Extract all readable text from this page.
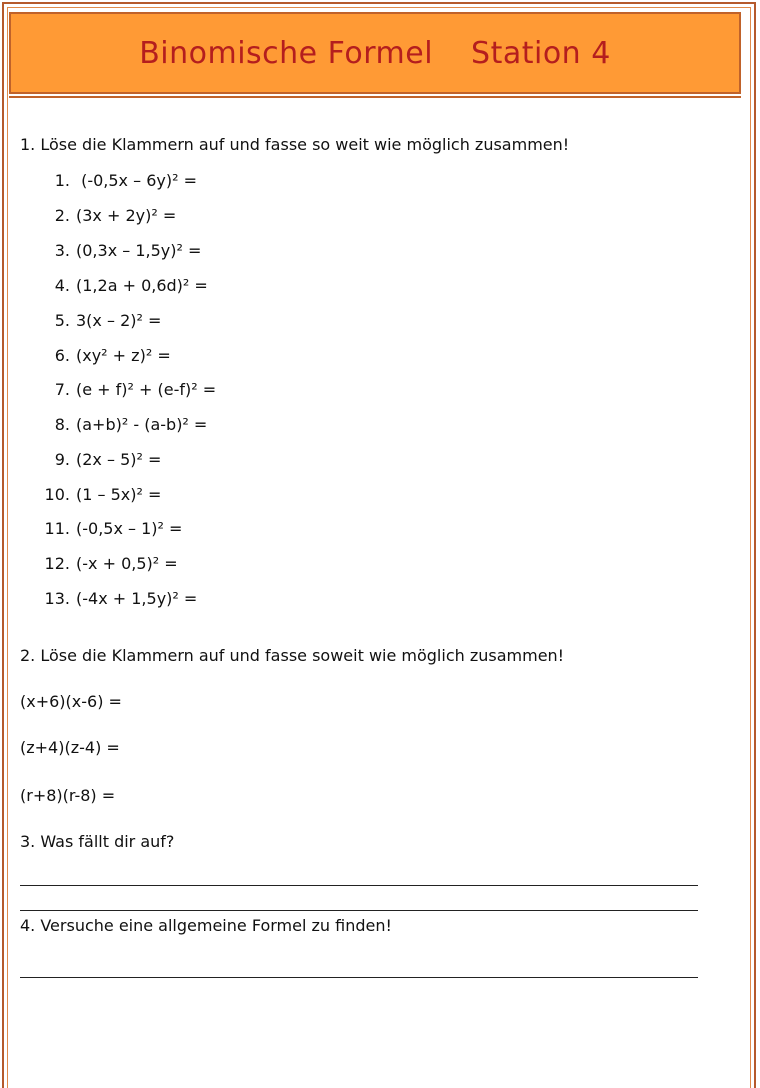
Binomische Formel Station 4
1. Löse die Klammern auf und fasse so weit wie möglich zusammen!
1. (-0,5x – 6y)² =
2. (3x + 2y)² =
3. (0,3x – 1,5y)² =
4. (1,2a + 0,6d)² =
5. 3(x – 2)² =
6. (xy² + z)² =
7. (e + f)² + (e-f)² =
8. (a+b)² - (a-b)² =
9. (2x – 5)² =
10. (1 – 5x)² =
11. (-0,5x – 1)² =
12. (-x + 0,5)² =
13. (-4x + 1,5y)² =
2. Löse die Klammern auf und fasse soweit wie möglich zusammen!
(x+6)(x-6) =
(z+4)(z-4) =
(r+8)(r-8) =
3. Was fällt dir auf?
4. Versuche eine allgemeine Formel zu finden!
